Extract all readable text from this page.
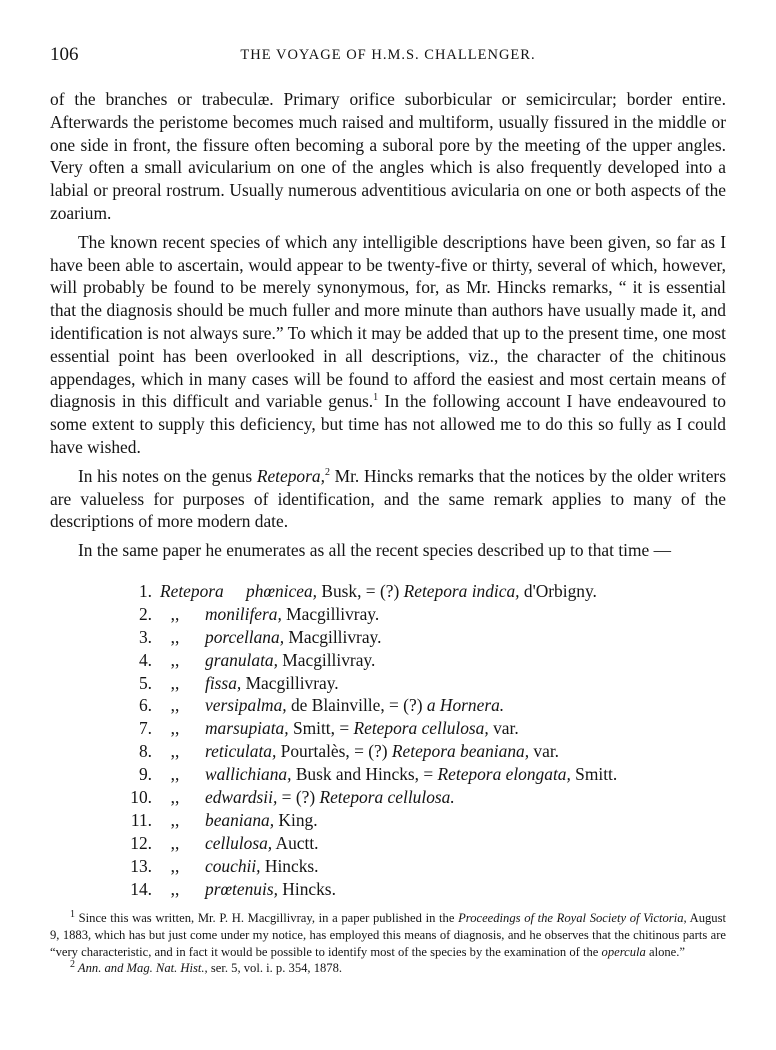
106	THE VOYAGE OF H.M.S. CHALLENGER.

of the branches or trabeculæ. Primary orifice suborbicular or semicircular; border entire. Afterwards the peristome becomes much raised and multiform, usually fissured in the middle or one side in front, the fissure often becoming a suboral pore by the meeting of the upper angles. Very often a small avicularium on one of the angles which is also frequently developed into a labial or preoral rostrum. Usually numerous adventitious avicularia on one or both aspects of the zoarium.

The known recent species of which any intelligible descriptions have been given, so far as I have been able to ascertain, would appear to be twenty-five or thirty, several of which, however, will probably be found to be merely synonymous, for, as Mr. Hincks remarks, “ it is essential that the diagnosis should be much fuller and more minute than authors have usually made it, and identification is not always sure.” To which it may be added that up to the present time, one most essential point has been overlooked in all descriptions, viz., the character of the chitinous appendages, which in many cases will be found to afford the easiest and most certain means of diagnosis in this difficult and variable genus.$^1$ In the following account I have endeavoured to some extent to supply this deficiency, but time has not allowed me to do this so fully as I could have wished.

In his notes on the genus Retepora,$^2$ Mr. Hincks remarks that the notices by the older writers are valueless for purposes of identification, and the same remark applies to many of the descriptions of more modern date.

In the same paper he enumerates as all the recent species described up to that time —

1. Retepora phœnicea, Busk, = (?) Retepora indica, d'Orbigny.
2.	,,	monilifera, Macgillivray.
3.	,,	porcellana, Macgillivray.
4.	,,	granulata, Macgillivray.
5.	,,	fissa, Macgillivray.
6.	,,	versipalma, de Blainville, = (?) a Hornera.
7.	,,	marsupiata, Smitt, = Retepora cellulosa, var.
8.	,,	reticulata, Pourtalès, = (?) Retepora beaniana, var.
9.	,,	wallichiana, Busk and Hincks, = Retepora elongata, Smitt.
10.	,,	edwardsii, = (?) Retepora cellulosa.
11.	,,	beaniana, King.
12.	,,	cellulosa, Auctt.
13.	,,	couchii, Hincks.
14.	,,	prœtenuis, Hincks.

$^1$ Since this was written, Mr. P. H. Macgillivray, in a paper published in the Proceedings of the Royal Society of Victoria, August 9, 1883, which has but just come under my notice, has employed this means of diagnosis, and he observes that the chitinous parts are “very characteristic, and in fact it would be possible to identify most of the species by the examination of the opercula alone.”

$^2$ Ann. and Mag. Nat. Hist., ser. 5, vol. i. p. 354, 1878.
